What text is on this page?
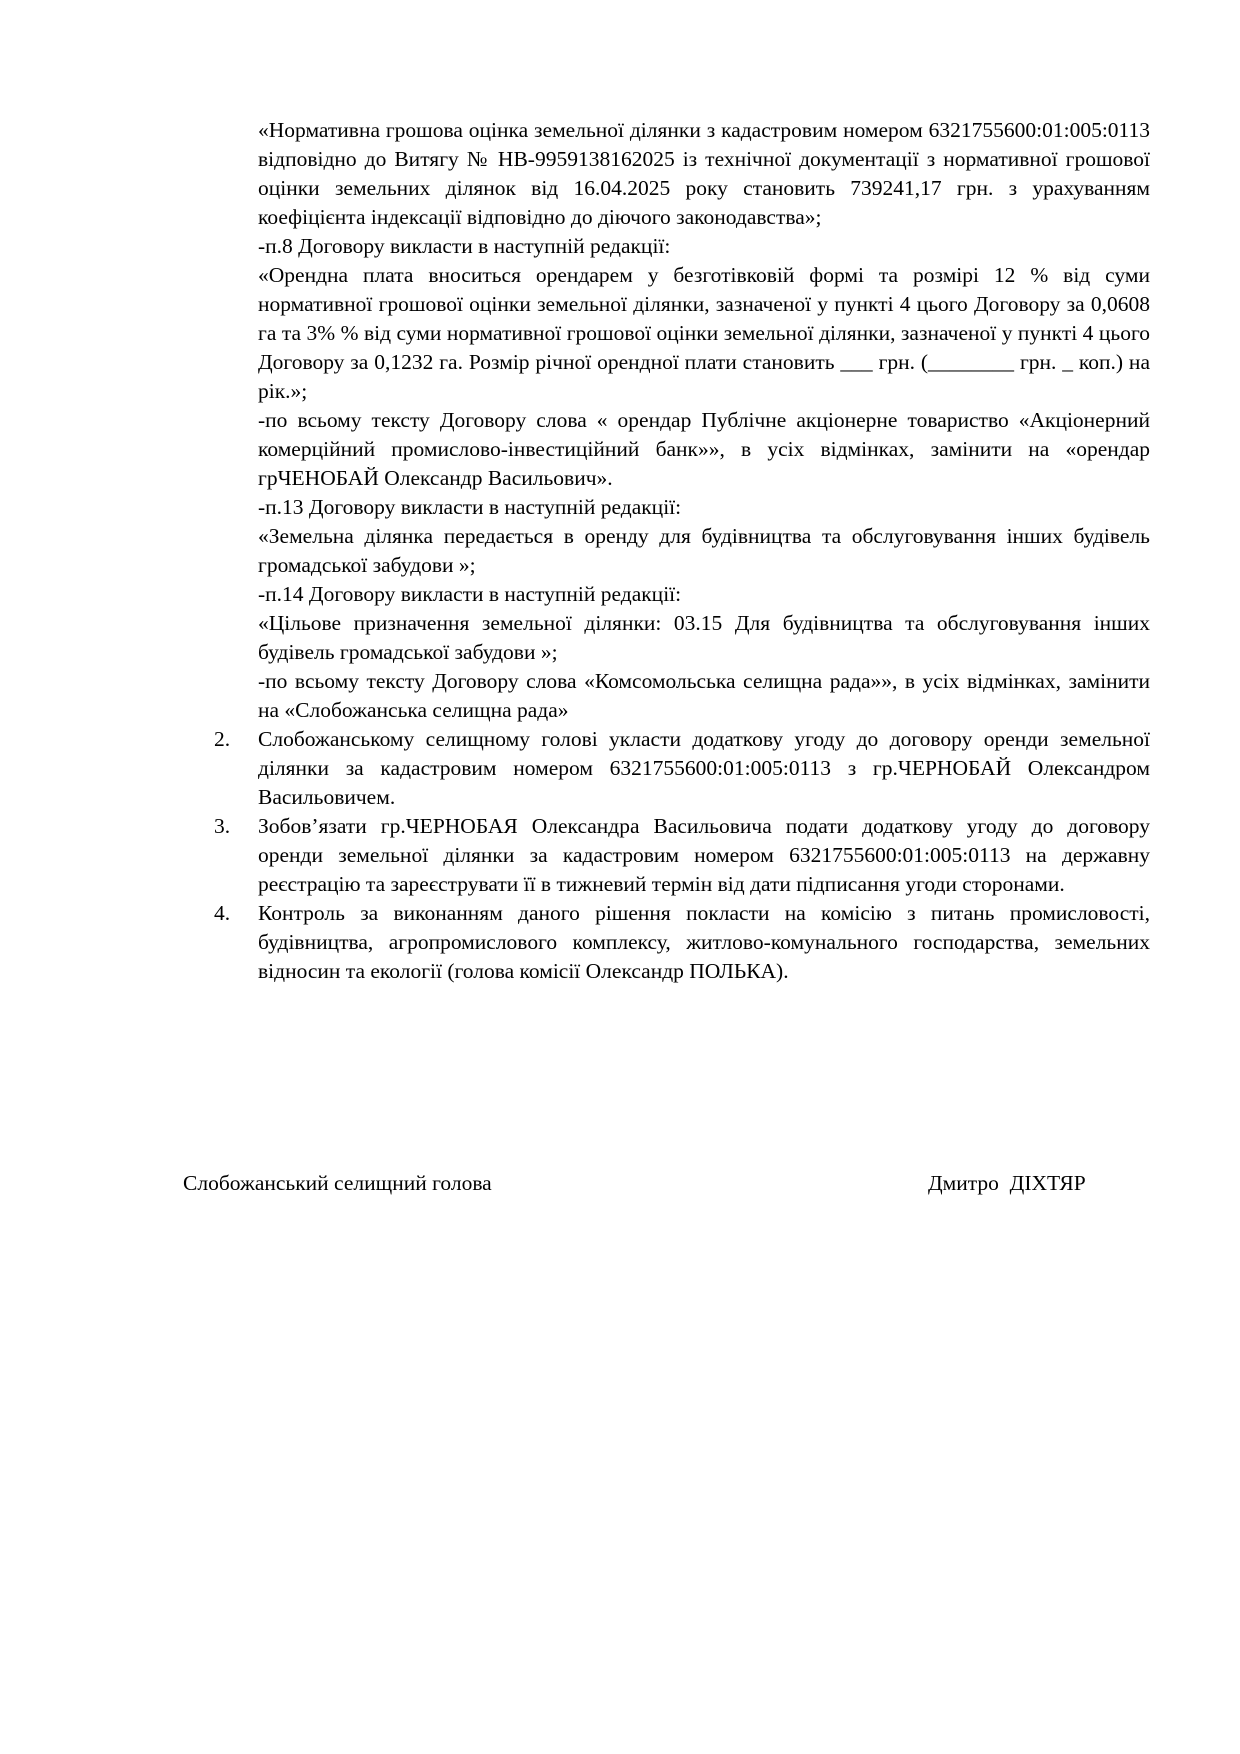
«Нормативна грошова оцінка земельної ділянки з кадастровим номером 6321755600:01:005:0113 відповідно до Витягу № НВ-9959138162025 із технічної документації з нормативної грошової оцінки земельних ділянок від 16.04.2025 року становить 739241,17 грн. з урахуванням коефіцієнта індексації відповідно до діючого законодавства»;

-п.8 Договору викласти в наступній редакції:

«Орендна плата вноситься орендарем у безготівковій формі та розмірі 12 % від суми нормативної грошової оцінки земельної ділянки, зазначеної у пункті 4 цього Договору за 0,0608 га та 3% % від суми нормативної грошової оцінки земельної ділянки, зазначеної у пункті 4 цього Договору за 0,1232 га. Розмір річної орендної плати становить ___ грн. (________ грн. _ коп.) на рік.»;

-по всьому тексту Договору слова « орендар Публічне акціонерне товариство «Акціонерний комерційний промислово-інвестиційний банк»», в усіх відмінках, замінити на «орендар грЧЕНОБАЙ Олександр Васильович».

-п.13 Договору викласти в наступній редакції:

«Земельна ділянка передається в оренду для будівництва та обслуговування інших будівель громадської забудови »;

-п.14 Договору викласти в наступній редакції:

«Цільове призначення земельної ділянки: 03.15 Для будівництва та обслуговування інших будівель громадської забудови »;

-по всьому тексту Договору слова «Комсомольська селищна рада»», в усіх відмінках, замінити на «Слобожанська селищна рада»

2.	Слобожанському селищному голові укласти додаткову угоду до договору оренди земельної ділянки за кадастровим номером 6321755600:01:005:0113 з гр.ЧЕРНОБАЙ Олександром Васильовичем.

3.	Зобов’язати гр.ЧЕРНОБАЯ Олександра Васильовича подати додаткову угоду до договору оренди земельної ділянки за кадастровим номером 6321755600:01:005:0113 на державну реєстрацію та зареєструвати її в тижневий термін від дати підписання угоди сторонами.

4.	Контроль за виконанням даного рішення покласти на комісію з питань промисловості, будівництва, агропромислового комплексу, житлово-комунального господарства, земельних відносин та екології (голова комісії Олександр ПОЛЬКА).

Слобожанський селищний голова	Дмитро  ДІХТЯР
